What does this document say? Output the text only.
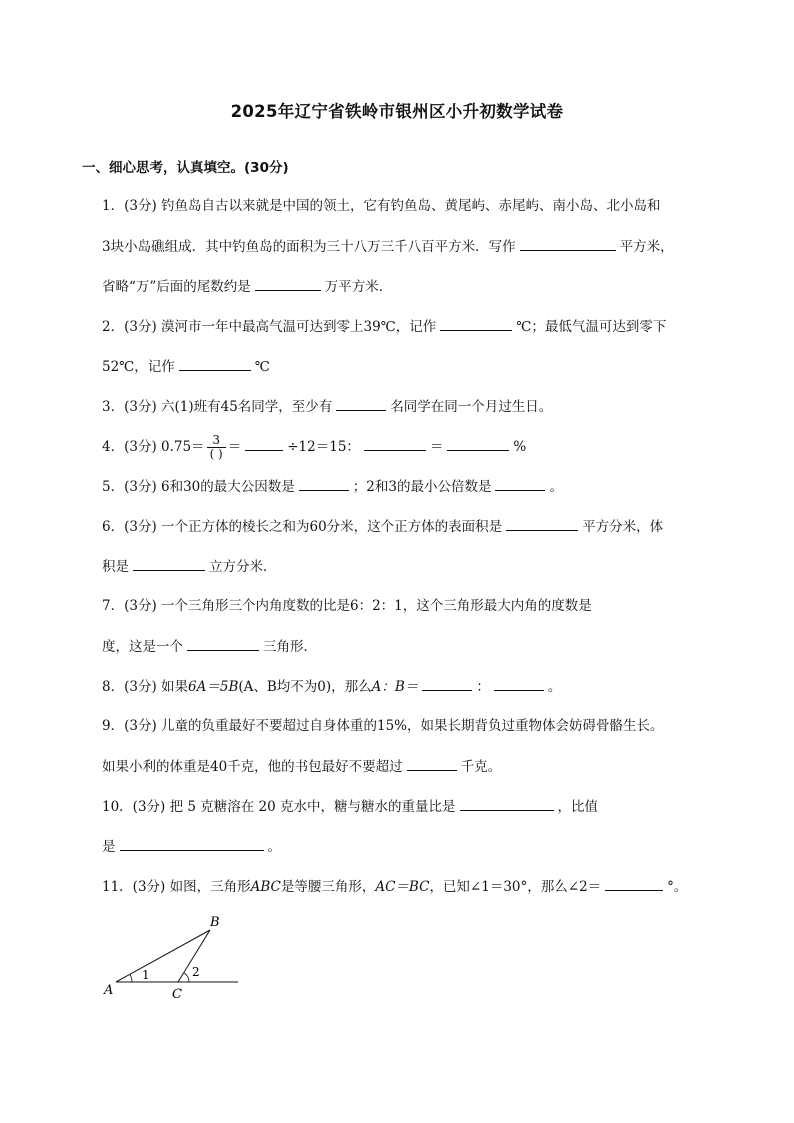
2025年辽宁省铁岭市银州区小升初数学试卷
一、细心思考，认真填空。(30分)
1．(3分) 钓鱼岛自古以来就是中国的领土，它有钓鱼岛、黄尾屿、赤尾屿、南小岛、北小岛和
3块小岛礁组成．其中钓鱼岛的面积为三十八万三千八百平方米．写作	平方米，
省略“万”后面的尾数约是	万平方米．
2．(3分) 漠河市一年中最高气温可达到零上39℃，记作	℃；最低气温可达到零下
52℃，记作	℃
3．(3分) 六(1)班有45名同学，至少有	名同学在同一个月过生日。
4．(3分) $0.75= \frac{3}{( )}$ ＝	÷12＝15：	＝	%
5．(3分) 6和30的最大公因数是	；2和3的最小公倍数是	。
6．(3分) 一个正方体的棱长之和为60分米，这个正方体的表面积是	平方分米，体
积是	立方分米．
7．(3分) 一个三角形三个内角度数的比是6：2：1，这个三角形最大内角的度数是
度，这是一个	三角形．
8．(3分) 如果6A＝5B(A、B均不为0)，那么A：B＝	：	。
9．(3分) 儿童的负重最好不要超过自身体重的15%，如果长期背负过重物体会妨碍骨骼生长。
如果小利的体重是40千克，他的书包最好不要超过	千克。
10．(3分) 把 5 克糖溶在 20 克水中，糖与糖水的重量比是	，比值
是	。
11．(3分) 如图，三角形ABC是等腰三角形，AC＝BC，已知∠1＝30°，那么∠2＝	°。
1	2
A
B
C
